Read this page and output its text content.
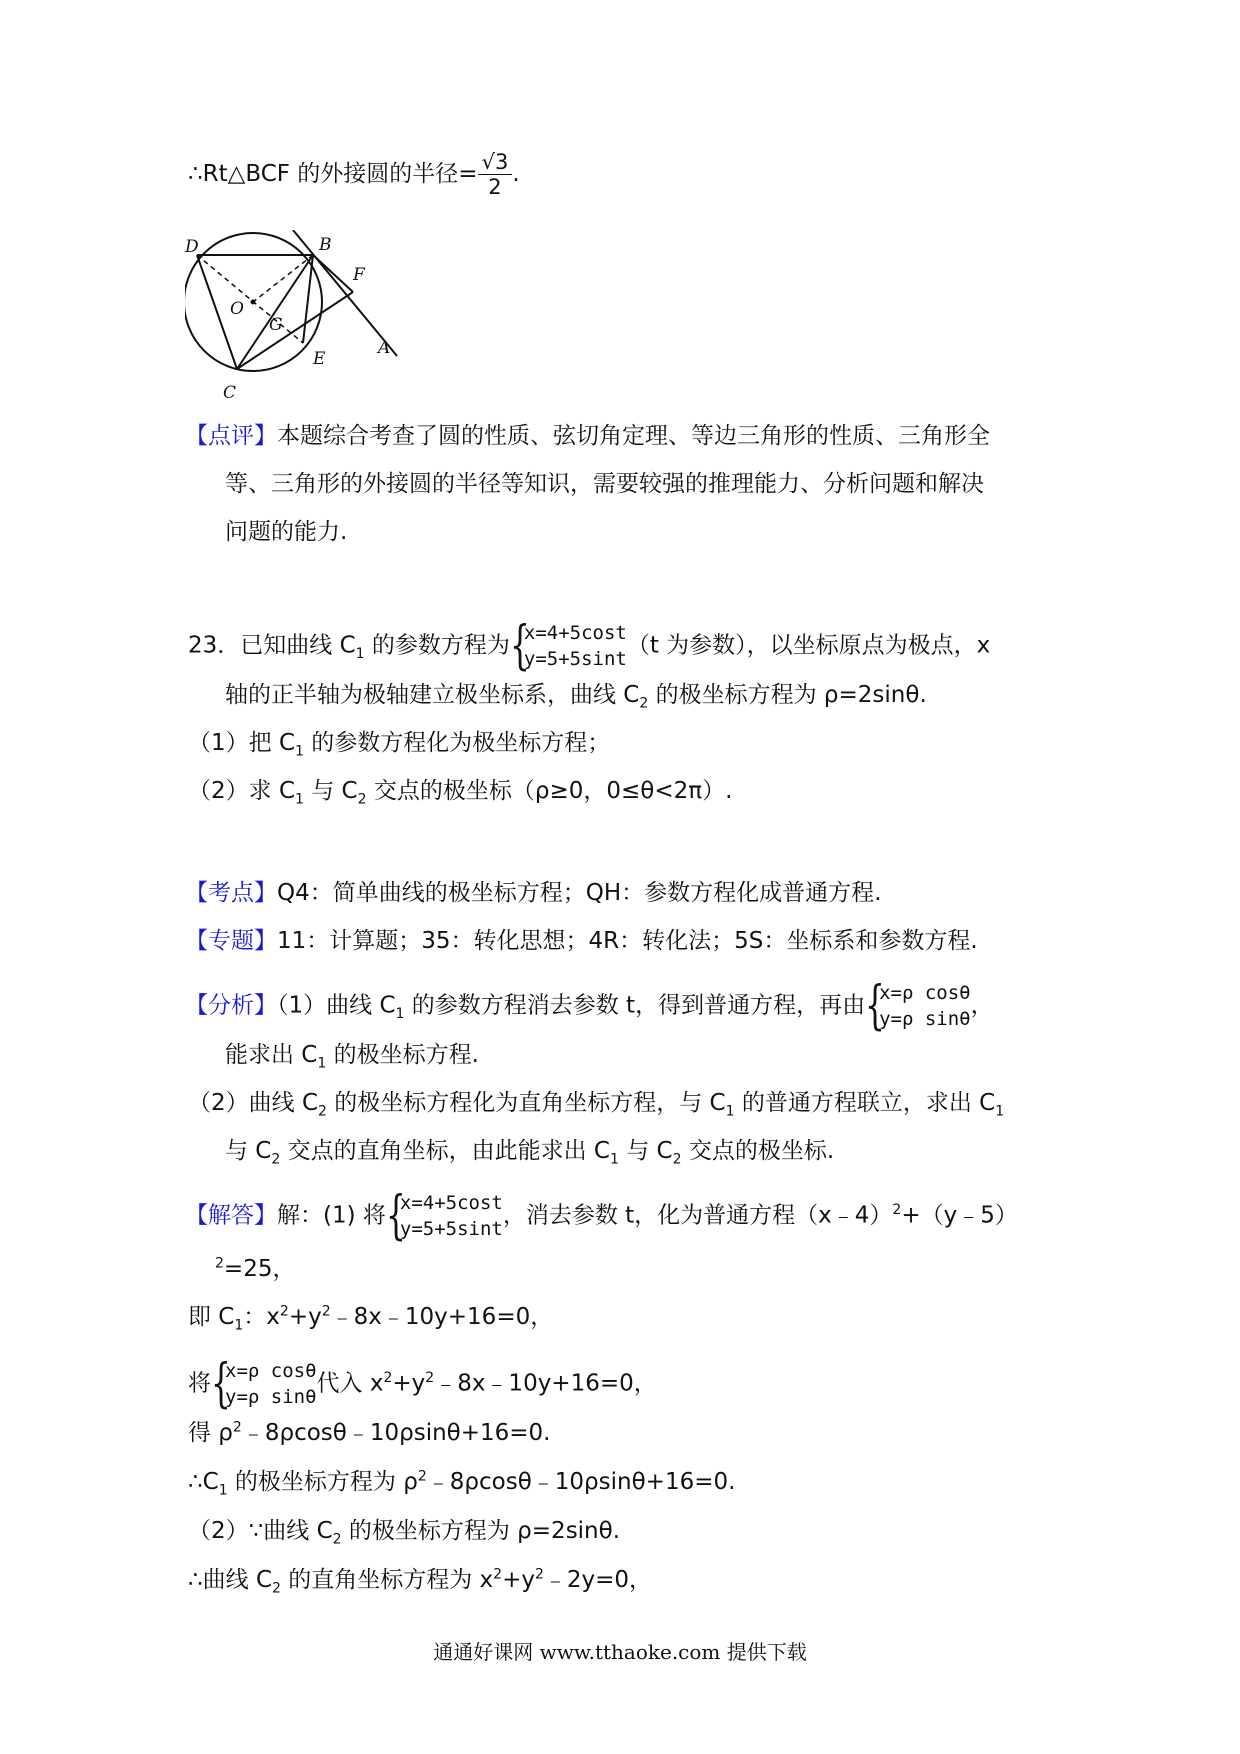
∴Rt△BCF 的外接圆的半径= $\frac{√3}{2}$ .
D	B
O
F
G
E
A
C
【点评】本题综合考查了圆的性质、弦切角定理、等边三角形的性质、三角形全
等、三角形的外接圆的半径等知识，需要较强的推理能力、分析问题和解决
问题的能力.
23．已知曲线 $C_1$ 的参数方程为 {
x=4+5cost
y=5+5sint
（t 为参数），以坐标原点为极点，x
轴的正半轴为极轴建立极坐标系，曲线 $C_2$ 的极坐标方程为 ρ=2sinθ.
（1）把 $C_1$ 的参数方程化为极坐标方程；
（2）求 $C_1$ 与 $C_2$ 交点的极坐标（ρ≥0，0≤θ<2π）.
【考点】Q4：简单曲线的极坐标方程；QH：参数方程化成普通方程.
【专题】11：计算题；35：转化思想；4R：转化法；5S：坐标系和参数方程.
【分析】（1）曲线 $C_1$ 的参数方程消去参数 t，得到普通方程，再由 {
x=ρ cosθ
y=ρ sinθ
，
能求出 $C_1$ 的极坐标方程.
（2）曲线 $C_2$ 的极坐标方程化为直角坐标方程，与 $C_1$ 的普通方程联立，求出 $C_1$
与 $C_2$ 交点的直角坐标，由此能求出 $C_1$ 与 $C_2$ 交点的极坐标.
【解答】解：(1) 将 {
x=4+5cost
y=5+5sint
，消去参数 t，化为普通方程（x﹣4）$^2$+（y﹣5）
$^2$=25，
即 $C_1$：$x^2+y^2﹣8x﹣10y+16=0$，
将 {
x=ρ cosθ
y=ρ sinθ
代入 $x^2+y^2﹣8x﹣10y+16=0$，
得 $\rho^2﹣8\rho\cos\theta﹣10\rho\sin\theta+16=0$.
$\therefore C_1$ 的极坐标方程为 $\rho^2﹣8\rho\cos\theta﹣10\rho\sin\theta+16=0$.
（2）∵曲线 $C_2$ 的极坐标方程为 ρ=2sinθ.
∴曲线 $C_2$ 的直角坐标方程为 $x^2+y^2﹣2y=0$，
通通好课网 www.tthaoke.com 提供下载
